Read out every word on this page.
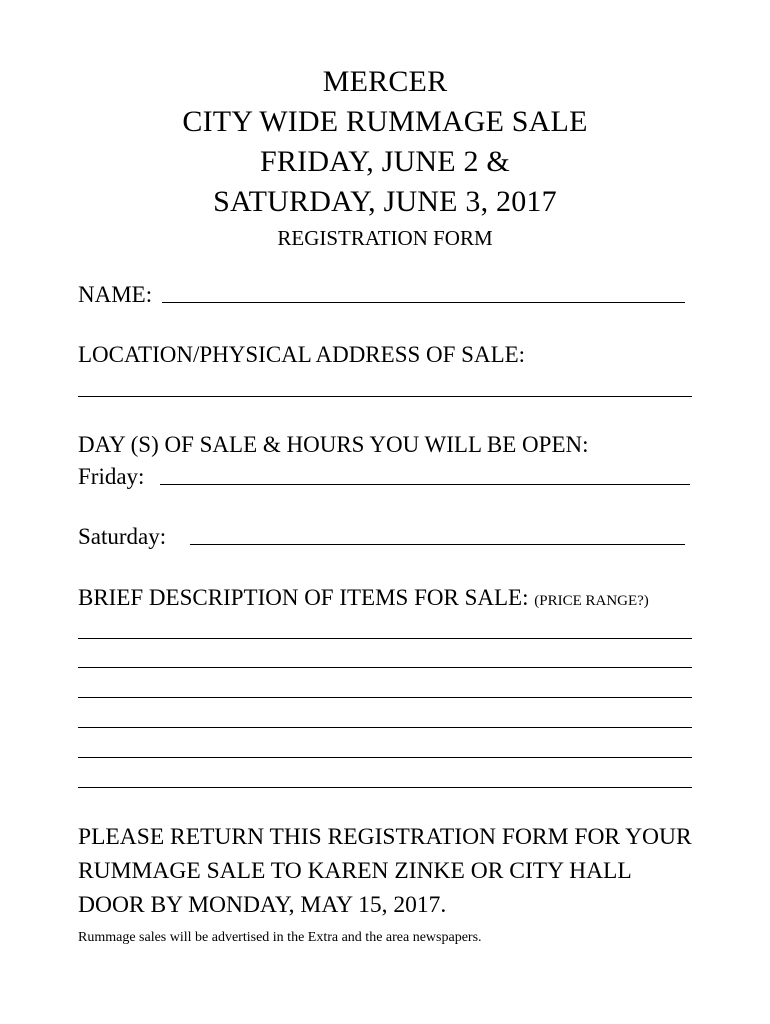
MERCER
CITY WIDE RUMMAGE SALE
FRIDAY, JUNE 2 &
SATURDAY, JUNE 3, 2017
REGISTRATION FORM
NAME:
LOCATION/PHYSICAL ADDRESS OF SALE:
DAY (S) OF SALE & HOURS YOU WILL BE OPEN:
Friday:
Saturday:
BRIEF DESCRIPTION OF ITEMS FOR SALE: (PRICE RANGE?)
PLEASE RETURN THIS REGISTRATION FORM FOR YOUR
RUMMAGE SALE TO KAREN ZINKE OR CITY HALL
DOOR BY MONDAY, MAY 15, 2017.
Rummage sales will be advertised in the Extra and the area newspapers.
